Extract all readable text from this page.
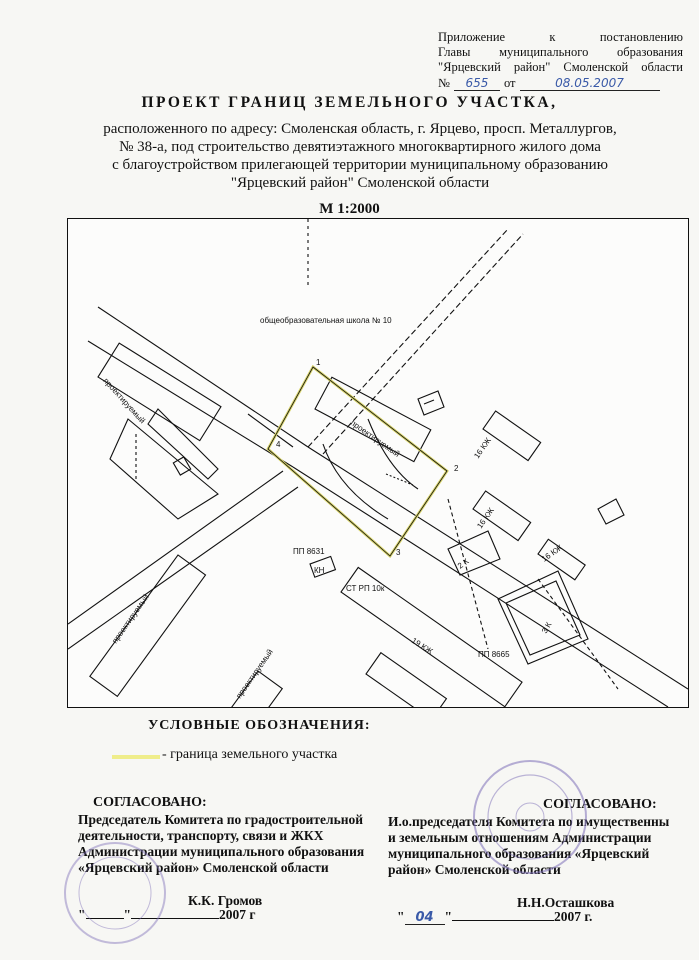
Приложение	к	постановлению
Главы муниципального образования
"Ярцевский район" Смоленской области
№	655	от	08.05.2007
ПРОЕКТ ГРАНИЦ ЗЕМЕЛЬНОГО УЧАСТКА,
расположенного по адресу: Смоленская область, г. Ярцево, просп. Металлургов,
№ 38-а, под строительство девятиэтажного многоквартирного жилого дома
с благоустройством прилегающей территории муниципальному образованию
"Ярцевский район" Смоленской области
М 1:2000
общеобразовательная школа № 10
1
2
3
4	проектируемый
проектируемый
проектируемый
проектируемый
16 КЖ
16 КЖ
16 КЖ
2 К
3 К
19 КЖ
КН
ПП 8631
ПП 8665
СТ РП 10к
УСЛОВНЫЕ ОБОЗНАЧЕНИЯ:
- граница земельного участка
СОГЛАСОВАНО:
Председатель Комитета по градостроительной
деятельности, транспорту, связи и ЖКХ
Администрации муниципального образования
«Ярцевский район» Смоленской области
К.К. Громов
"	"	2007 г
СОГЛАСОВАНО:
И.о.председателя Комитета по имущественны
и земельным отношениям Администрации
муниципального образования «Ярцевский
район» Смоленской области
Н.Н.Осташкова
" 04 "	2007 г.
